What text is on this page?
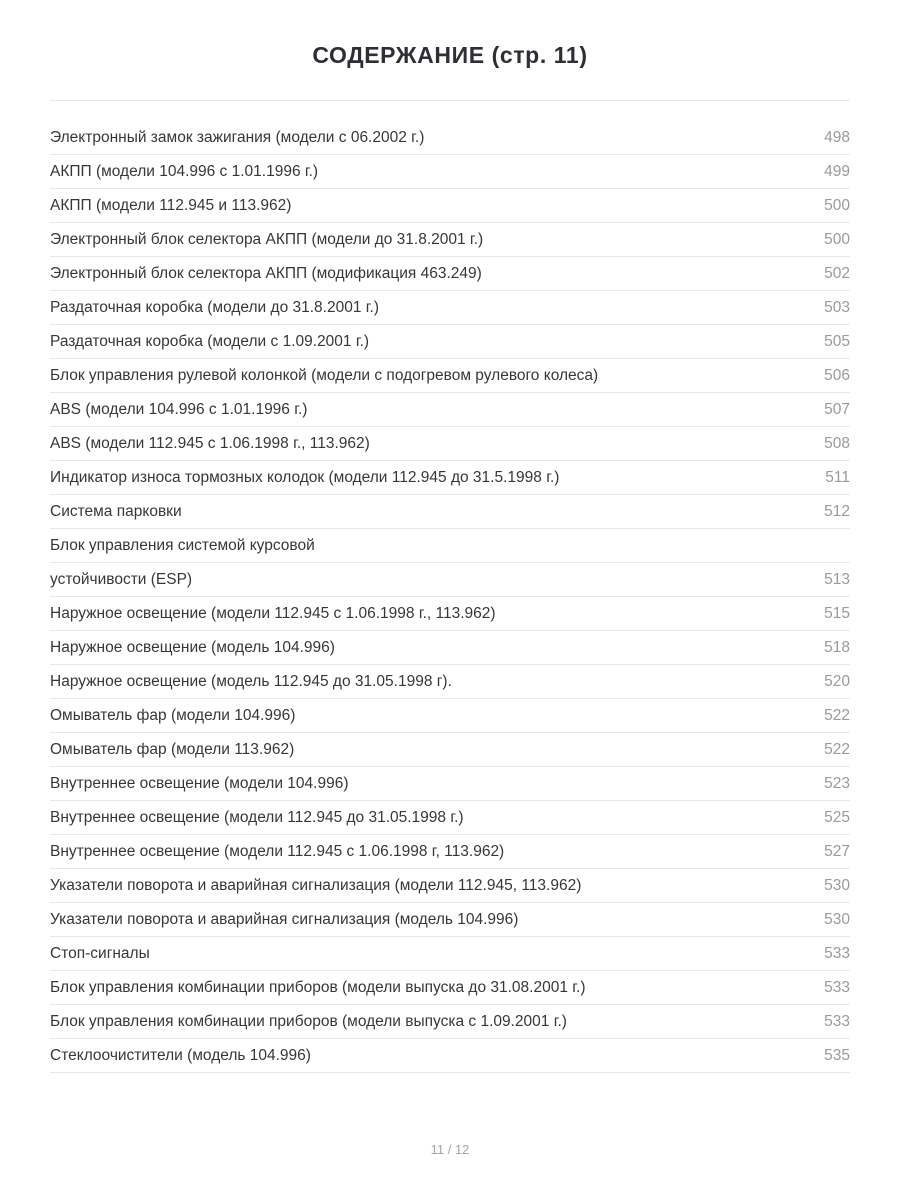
СОДЕРЖАНИЕ (стр. 11)
Электронный замок зажигания (модели с 06.2002 г.)	498
АКПП (модели 104.996 с 1.01.1996 г.)	499
АКПП (модели 112.945 и 113.962)	500
Электронный блок селектора АКПП (модели до 31.8.2001 г.)	500
Электронный блок селектора АКПП (модификация 463.249)	502
Раздаточная коробка (модели до 31.8.2001 г.)	503
Раздаточная коробка (модели с 1.09.2001 г.)	505
Блок управления рулевой колонкой (модели с подогревом рулевого колеса)	506
ABS (модели 104.996 с 1.01.1996 г.)	507
ABS (модели 112.945 с 1.06.1998 г., 113.962)	508
Индикатор износа тормозных колодок (модели 112.945 до 31.5.1998 г.)	511
Система парковки	512
Блок управления системой курсовой
устойчивости (ESP)	513
Наружное освещение (модели 112.945 с 1.06.1998 г., 113.962)	515
Наружное освещение (модель 104.996)	518
Наружное освещение (модель 112.945 до 31.05.1998 г).	520
Омыватель фар (модели 104.996)	522
Омыватель фар (модели 113.962)	522
Внутреннее освещение (модели 104.996)	523
Внутреннее освещение (модели 112.945 до 31.05.1998 г.)	525
Внутреннее освещение (модели 112.945 с 1.06.1998 г, 113.962)	527
Указатели поворота и аварийная сигнализация (модели 112.945, 113.962)	530
Указатели поворота и аварийная сигнализация (модель 104.996)	530
Стоп-сигналы	533
Блок управления комбинации приборов (модели выпуска до 31.08.2001 г.)	533
Блок управления комбинации приборов (модели выпуска с 1.09.2001 г.)	533
Стеклоочистители (модель 104.996)	535
11 / 12
